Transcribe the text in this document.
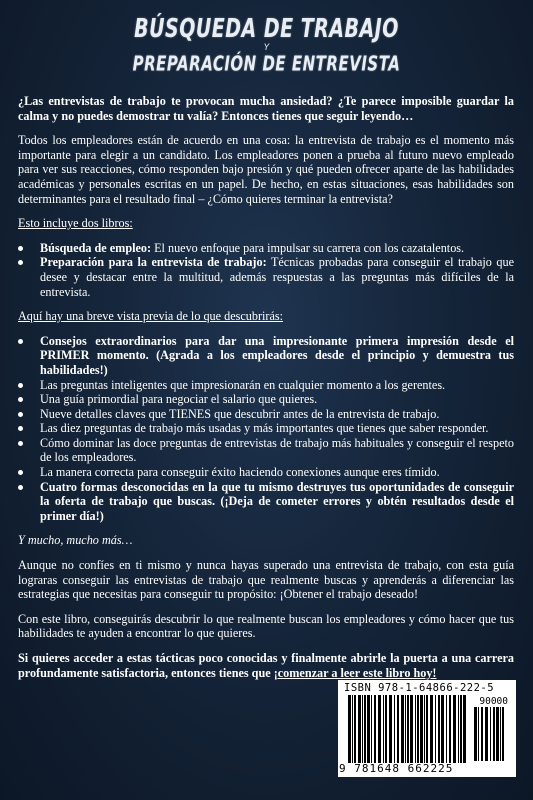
BÚSQUEDA DE TRABAJO
Y
PREPARACIÓN DE ENTREVISTA

¿Las entrevistas de trabajo te provocan mucha ansiedad? ¿Te parece imposible guardar la calma y no puedes demostrar tu valía? Entonces tienes que seguir leyendo…

Todos los empleadores están de acuerdo en una cosa: la entrevista de trabajo es el momento más importante para elegir a un candidato. Los empleadores ponen a prueba al futuro nuevo empleado para ver sus reacciones, cómo responden bajo presión y qué pueden ofrecer aparte de las habilidades académicas y personales escritas en un papel. De hecho, en estas situaciones, esas habilidades son determinantes para el resultado final – ¿Cómo quieres terminar la entrevista?

Esto incluye dos libros:

Búsqueda de empleo: El nuevo enfoque para impulsar su carrera con los cazatalentos.
Preparación para la entrevista de trabajo: Técnicas probadas para conseguir el trabajo que desee y destacar entre la multitud, además respuestas a las preguntas más difíciles de la entrevista.

Aquí hay una breve vista previa de lo que descubrirás:

Consejos extraordinarios para dar una impresionante primera impresión desde el PRIMER momento. (Agrada a los empleadores desde el principio y demuestra tus habilidades!)
Las preguntas inteligentes que impresionarán en cualquier momento a los gerentes.
Una guía primordial para negociar el salario que quieres.
Nueve detalles claves que TIENES que descubrir antes de la entrevista de trabajo.
Las diez preguntas de trabajo más usadas y más importantes que tienes que saber responder.
Cómo dominar las doce preguntas de entrevistas de trabajo más habituales y conseguir el respeto de los empleadores.
La manera correcta para conseguir éxito haciendo conexiones aunque eres tímido.
Cuatro formas desconocidas en la que tu mismo destruyes tus oportunidades de conseguir la oferta de trabajo que buscas. (¡Deja de cometer errores y obtén resultados desde el primer día!)

Y mucho, mucho más…

Aunque no confíes en ti mismo y nunca hayas superado una entrevista de trabajo, con esta guía lograras conseguir las entrevistas de trabajo que realmente buscas y aprenderás a diferenciar las estrategias que necesitas para conseguir tu propósito: ¡Obtener el trabajo deseado!

Con este libro, conseguirás descubrir lo que realmente buscan los empleadores y cómo hacer que tus habilidades te ayuden a encontrar lo que quieres.

Si quieres acceder a estas tácticas poco conocidas y finalmente abrirle la puerta a una carrera profundamente satisfactoria, entonces tienes que ¡comenzar a leer este libro hoy!

ISBN 978-1-64866-222-5
90000
9 781648 662225
